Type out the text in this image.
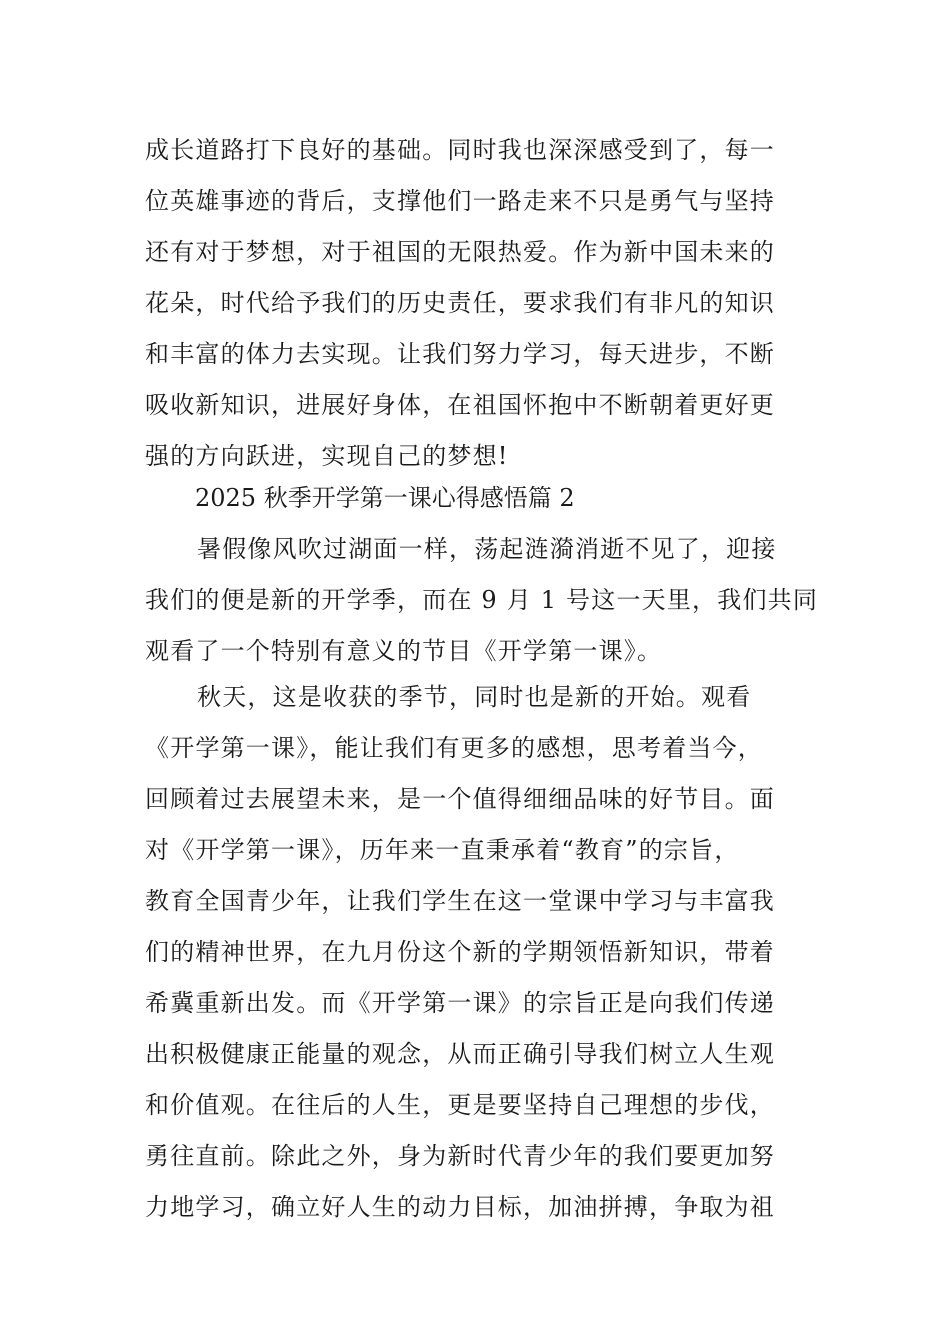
成长道路打下良好的基础。同时我也深深感受到了，每一
位英雄事迹的背后，支撑他们一路走来不只是勇气与坚持
还有对于梦想，对于祖国的无限热爱。作为新中国未来的
花朵，时代给予我们的历史责任，要求我们有非凡的知识
和丰富的体力去实现。让我们努力学习，每天进步，不断
吸收新知识，进展好身体，在祖国怀抱中不断朝着更好更
强的方向跃进，实现自己的梦想!
2025 秋季开学第一课心得感悟篇 2
暑假像风吹过湖面一样，荡起涟漪消逝不见了，迎接
我们的便是新的开学季，而在 9 月 1 号这一天里，我们共同
观看了一个特别有意义的节目《开学第一课》。
秋天，这是收获的季节，同时也是新的开始。观看
《开学第一课》，能让我们有更多的感想，思考着当今，
回顾着过去展望未来，是一个值得细细品味的好节目。面
对《开学第一课》，历年来一直秉承着“教育”的宗旨，
教育全国青少年，让我们学生在这一堂课中学习与丰富我
们的精神世界，在九月份这个新的学期领悟新知识，带着
希冀重新出发。而《开学第一课》的宗旨正是向我们传递
出积极健康正能量的观念，从而正确引导我们树立人生观
和价值观。在往后的人生，更是要坚持自己理想的步伐，
勇往直前。除此之外，身为新时代青少年的我们要更加努
力地学习，确立好人生的动力目标，加油拼搏，争取为祖
